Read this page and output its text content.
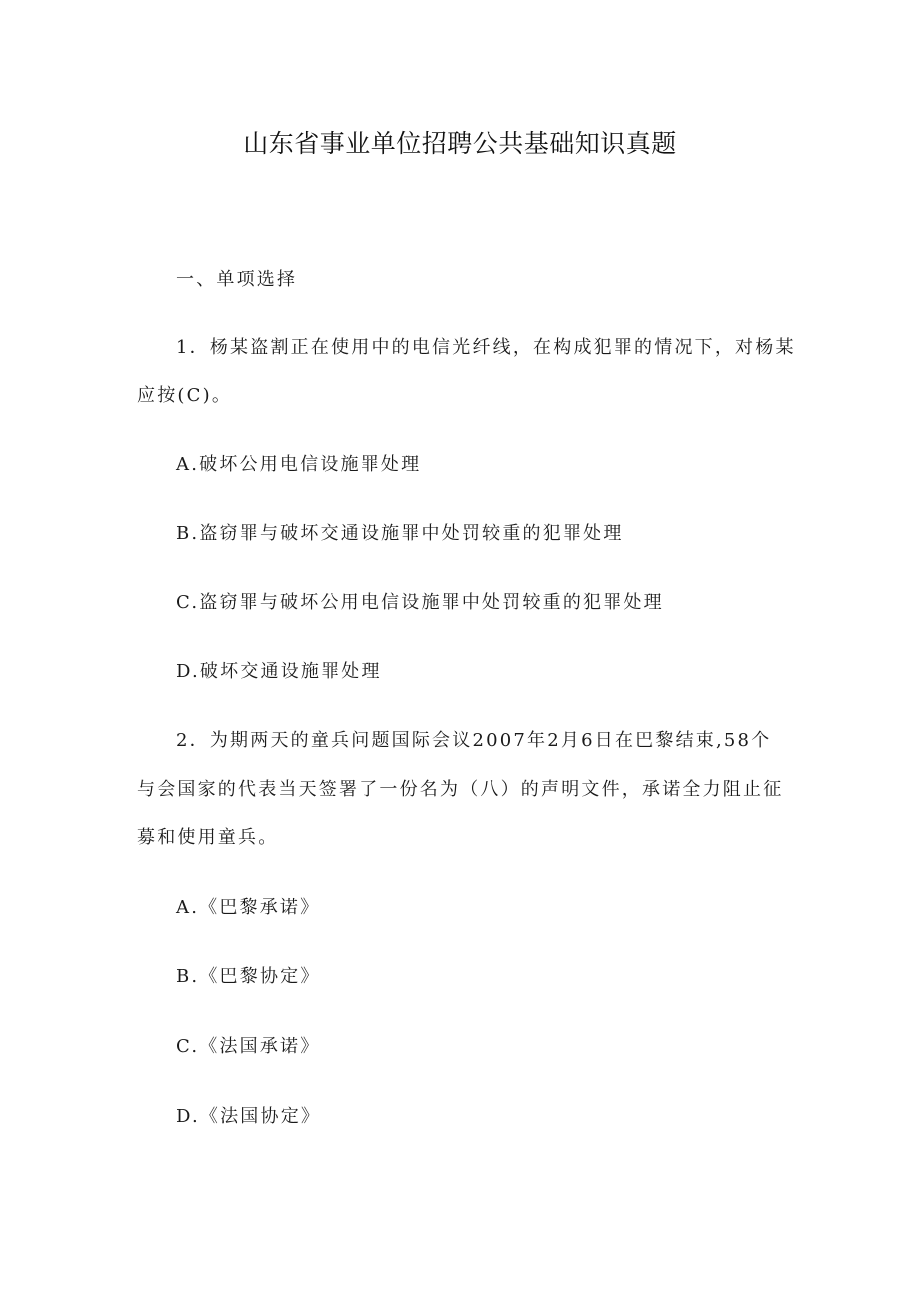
山东省事业单位招聘公共基础知识真题
一、单项选择
1．杨某盗割正在使用中的电信光纤线，在构成犯罪的情况下，对杨某
应按(C)。
A.破坏公用电信设施罪处理
B.盗窃罪与破坏交通设施罪中处罚较重的犯罪处理
C.盗窃罪与破坏公用电信设施罪中处罚较重的犯罪处理
D.破坏交通设施罪处理
2．为期两天的童兵问题国际会议2007年2月6日在巴黎结束,58个
与会国家的代表当天签署了一份名为（八）的声明文件，承诺全力阻止征
募和使用童兵。
A.《巴黎承诺》
B.《巴黎协定》
C.《法国承诺》
D.《法国协定》
